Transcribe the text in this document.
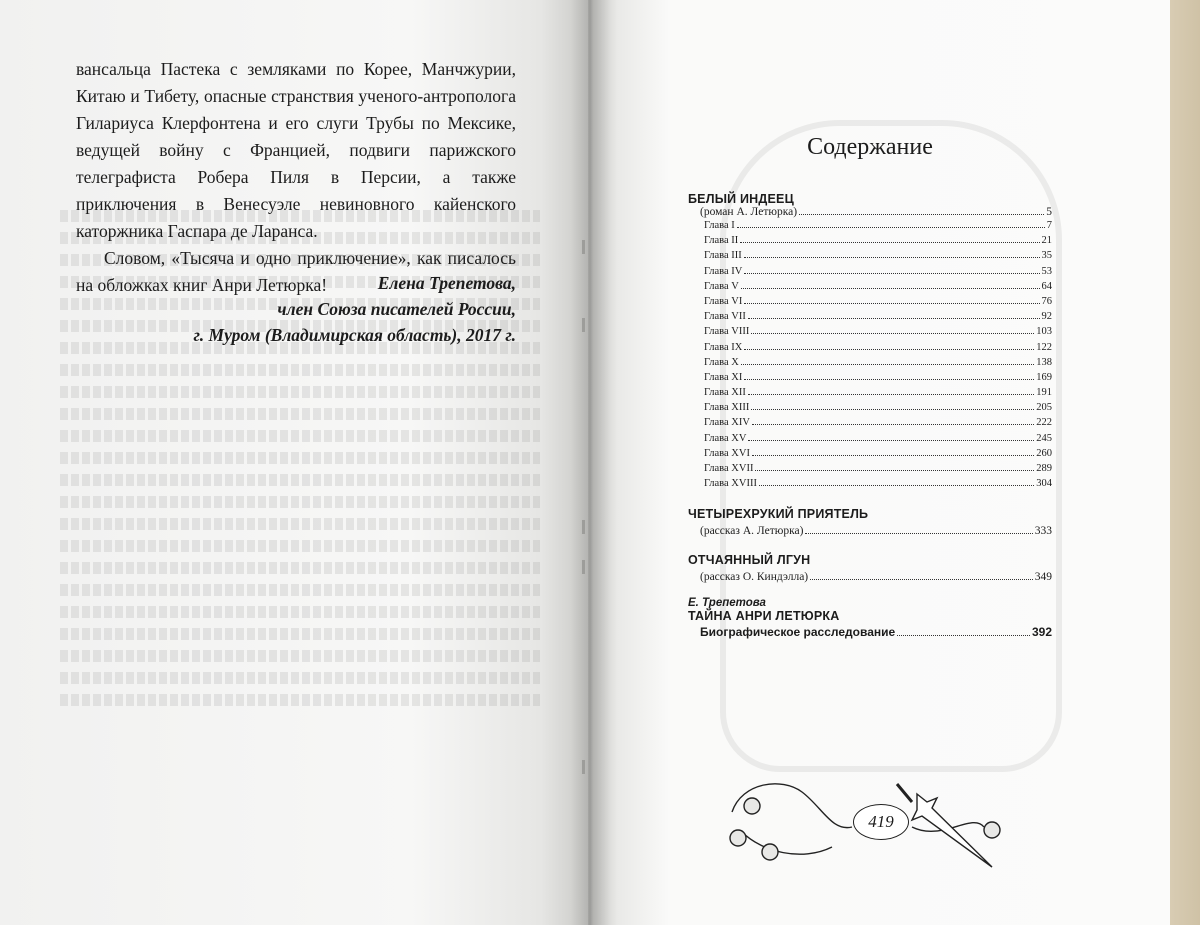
вансальца Пастека с земляками по Корее, Манчжурии, Китаю и Тибету, опасные странствия ученого-антрополога Гилариуса Клерфонтена и его слуги Трубы по Мексике, ведущей войну с Францией, подвиги парижского телеграфиста Робера Пиля в Персии, а также приключения в Венесуэле невиновного кайенского каторжника Гаспара де Ларанса.

Словом, «Тысяча и одно приключение», как писалось на обложках книг Анри Летюрка!	Елена Трепетова,
член Союза писателей России,
г. Муром (Владимирская область), 2017 г.
Содержание
БЕЛЫЙ ИНДЕЕЦ
(роман А. Летюрка)	5
Глава I	7
Глава II	21
Глава III	35
Глава IV	53
Глава V	64
Глава VI	76
Глава VII	92
Глава VIII	103
Глава IX	122
Глава X	138
Глава XI	169
Глава XII	191
Глава XIII	205
Глава XIV	222
Глава XV	245
Глава XVI	260
Глава XVII	289
Глава XVIII	304
ЧЕТЫРЕХРУКИЙ ПРИЯТЕЛЬ
(рассказ А. Летюрка)	333
ОТЧАЯННЫЙ ЛГУН
(рассказ О. Киндэлла)	349
Е. Трепетова
ТАЙНА АНРИ ЛЕТЮРКА
Биографическое расследование	392
419
